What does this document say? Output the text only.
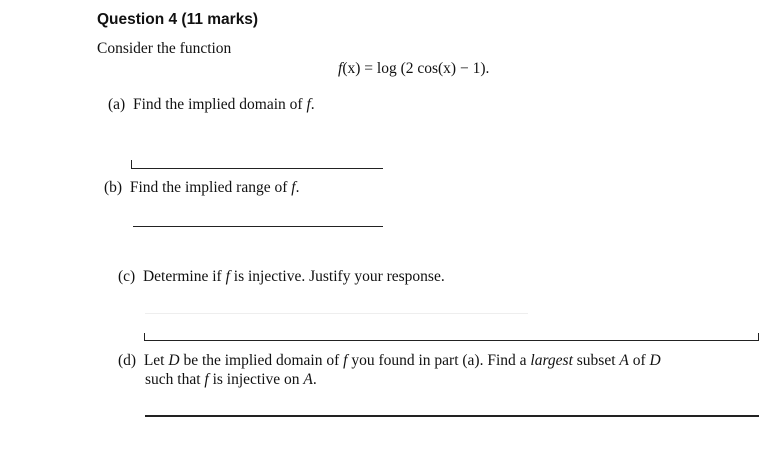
Question 4 (11 marks)
Consider the function
f(x) = log (2 cos(x) − 1).
(a) Find the implied domain of f.
(b) Find the implied range of f.
(c) Determine if f is injective. Justify your response.
(d) Let D be the implied domain of f you found in part (a). Find a largest subset A of D
such that f is injective on A.
